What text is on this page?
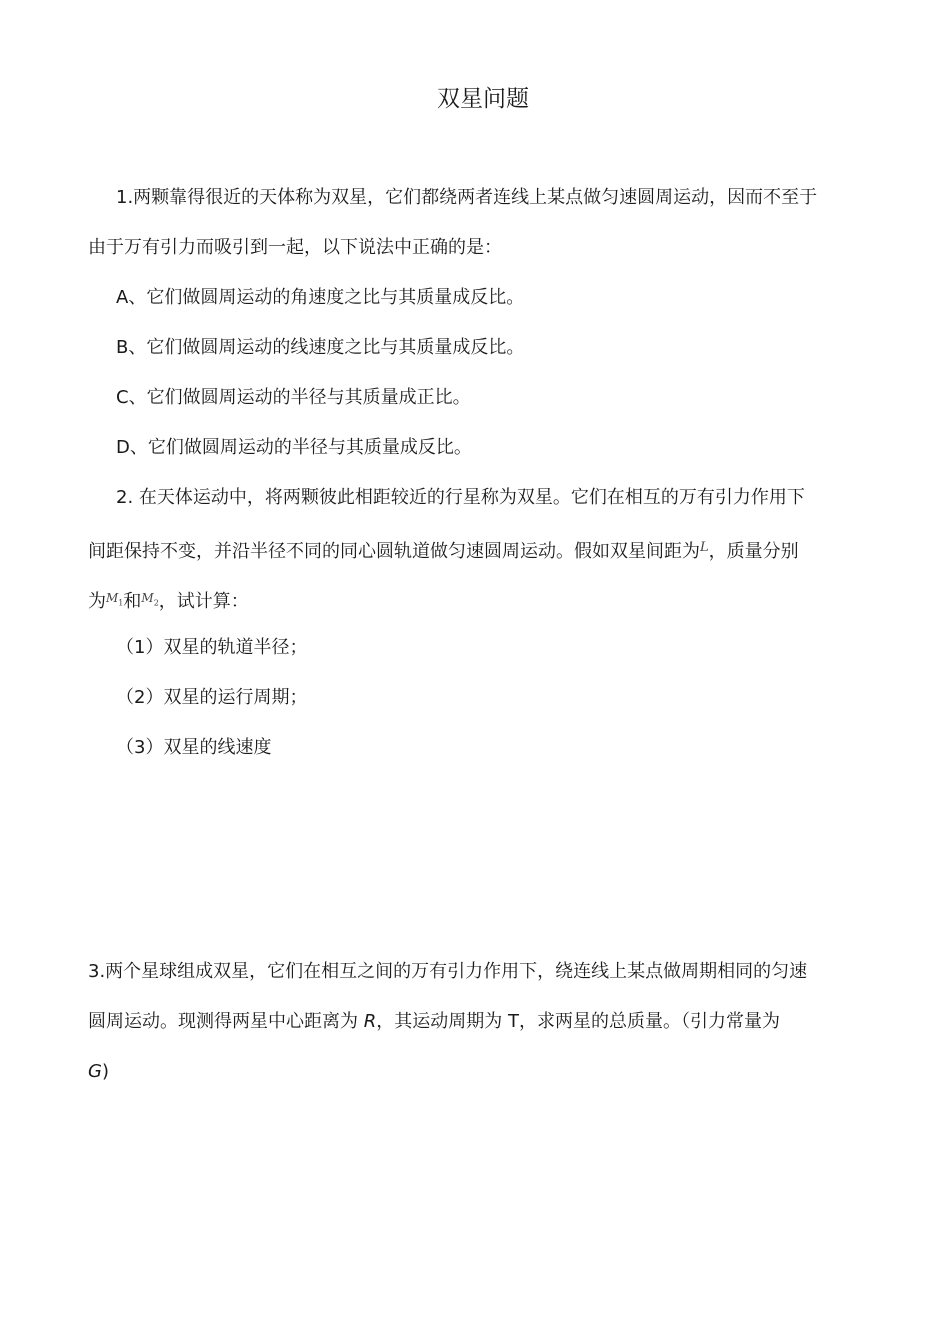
双星问题
1.两颗靠得很近的天体称为双星，它们都绕两者连线上某点做匀速圆周运动，因而不至于
由于万有引力而吸引到一起，以下说法中正确的是：
A、它们做圆周运动的角速度之比与其质量成反比。
B、它们做圆周运动的线速度之比与其质量成反比。
C、它们做圆周运动的半径与其质量成正比。
D、它们做圆周运动的半径与其质量成反比。
2. 在天体运动中，将两颗彼此相距较近的行星称为双星。它们在相互的万有引力作用下
间距保持不变，并沿半径不同的同心圆轨道做匀速圆周运动。假如双星间距为$^L$，质量分别
为$^{M_1}$和$^{M_2}$，试计算：
（1）双星的轨道半径；
（2）双星的运行周期；
（3）双星的线速度
3.两个星球组成双星，它们在相互之间的万有引力作用下，绕连线上某点做周期相同的匀速
圆周运动。现测得两星中心距离为 R，其运动周期为 T，求两星的总质量。（引力常量为
G)
